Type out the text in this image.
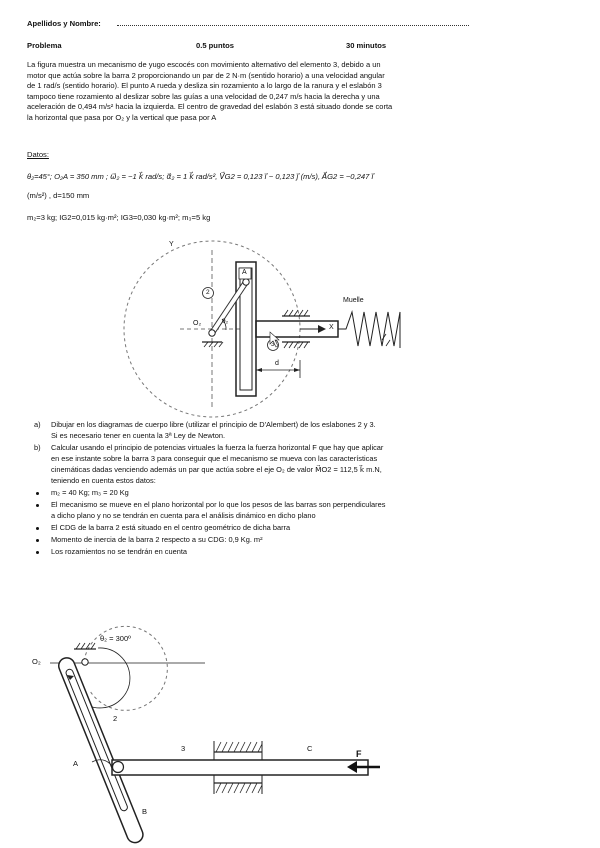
Apellidos y Nombre:
Problema	0.5 puntos	30 minutos
La figura muestra un mecanismo de yugo escocés con movimiento alternativo del elemento 3, debido a un
motor que actúa sobre la barra 2 proporcionando un par de 2 N·m (sentido horario) a una velocidad angular
de 1 rad/s (sentido horario). El punto A rueda y desliza sin rozamiento a lo largo de la ranura y el eslabón 3
tampoco tiene rozamiento al deslizar sobre las guías a una velocidad de 0,247 m/s hacia la derecha y una
aceleración de 0,494 m/s² hacia la izquierda. El centro de gravedad del eslabón 3 está situado donde se corta
la horizontal que pasa por O₂ y la vertical que pasa por A
Datos:
θ₂=45°; O₂A = 350 mm ; ω⃗₂ = −1 k⃗ rad/s; α⃗₂ = 1 k⃗ rad/s², V⃗G2 = 0,123 i⃗ − 0,123 j⃗ (m/s), A⃗G2 = −0,247 i⃗
(m/s²) , d=150 mm
m₂=3 kg; IG2=0,015 kg·m²; IG3=0,030 kg·m²; m₃=5 kg
Y
X
A
O₂	θ₂
d
2
3
Muelle
a) Dibujar en los diagramas de cuerpo libre (utilizar el principio de D'Alembert) de los eslabones 2 y 3.
Si es necesario tener en cuenta la 3ª Ley de Newton.
b) Calcular usando el principio de potencias virtuales la fuerza la fuerza horizontal F que hay que aplicar
en ese instante sobre la barra 3 para conseguir que el mecanismo se mueva con las características
cinemáticas dadas venciendo además un par que actúa sobre el eje O₂ de valor M⃗O2 = 112,5 k⃗ m.N,
teniendo en cuenta estos datos:
m₂ = 40 Kg; m₃ = 20 Kg
El mecanismo se mueve en el plano horizontal por lo que los pesos de las barras son perpendiculares
a dicho plano y no se tendrán en cuenta para el análisis dinámico en dicho plano
El CDG de la barra 2 está situado en el centro geométrico de dicha barra
Momento de inercia de la barra 2 respecto a su CDG: 0,9 Kg. m²
Los rozamientos no se tendrán en cuenta
θ₂ = 300º
O₂
2
3
A
B
C
F
